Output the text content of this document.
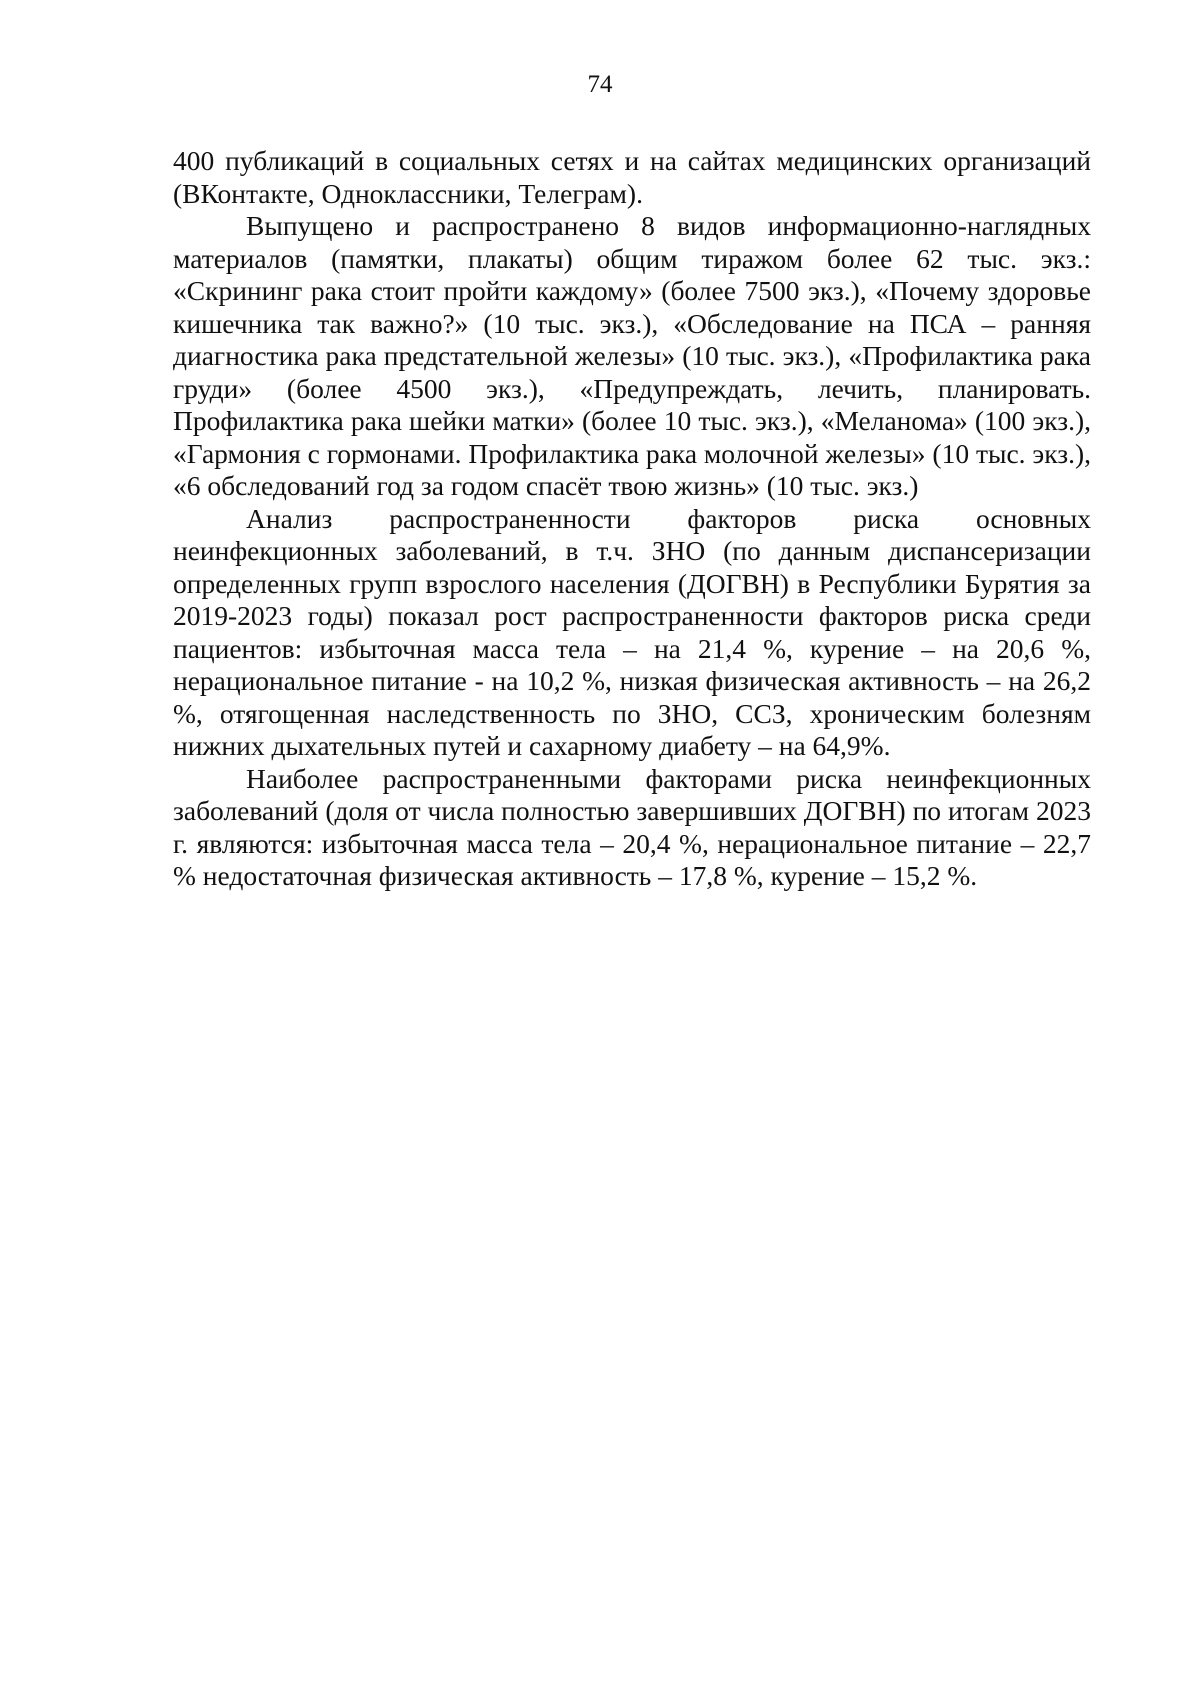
74

400 публикаций в социальных сетях и на сайтах медицинских организаций (ВКонтакте, Одноклассники, Телеграм).

Выпущено и распространено 8 видов информационно-наглядных материалов (памятки, плакаты) общим тиражом более 62 тыс. экз.: «Скрининг рака стоит пройти каждому» (более 7500 экз.), «Почему здоровье кишечника так важно?» (10 тыс. экз.), «Обследование на ПСА – ранняя диагностика рака предстательной железы» (10 тыс. экз.), «Профилактика рака груди» (более 4500 экз.), «Предупреждать, лечить, планировать. Профилактика рака шейки матки» (более 10 тыс. экз.), «Меланома» (100 экз.), «Гармония с гормонами. Профилактика рака молочной железы» (10 тыс. экз.), «6 обследований год за годом спасёт твою жизнь» (10 тыс. экз.)

Анализ распространенности факторов риска основных неинфекционных заболеваний, в т.ч. ЗНО (по данным диспансеризации определенных групп взрослого населения (ДОГВН) в Республики Бурятия за 2019-2023 годы) показал рост распространенности факторов риска среди пациентов: избыточная масса тела – на 21,4 %, курение – на 20,6 %, нерациональное питание - на 10,2 %, низкая физическая активность – на 26,2 %, отягощенная наследственность по ЗНО, ССЗ, хроническим болезням нижних дыхательных путей и сахарному диабету – на 64,9%.

Наиболее распространенными факторами риска неинфекционных заболеваний (доля от числа полностью завершивших ДОГВН) по итогам 2023 г. являются: избыточная масса тела – 20,4 %, нерациональное питание – 22,7 % недостаточная физическая активность – 17,8 %, курение – 15,2 %.
